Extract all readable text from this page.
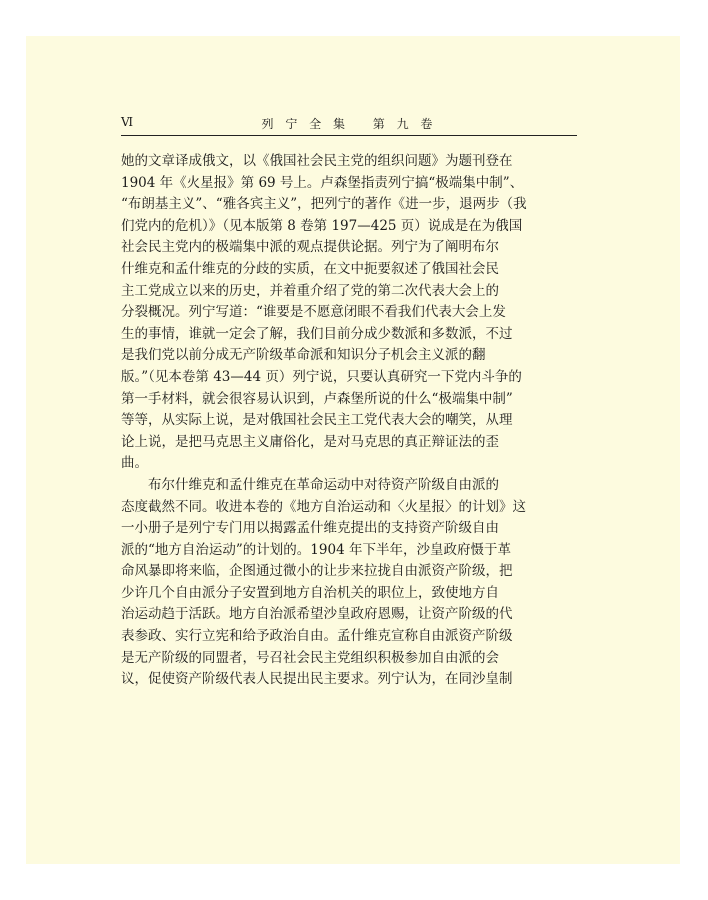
Ⅵ	列 宁 全 集　 第 九 卷
她的文章译成俄文，以《俄国社会民主党的组织问题》为题刊登在
1904 年《火星报》第 69 号上。卢森堡指责列宁搞“极端集中制”、
“布朗基主义”、“雅各宾主义”，把列宁的著作《进一步，退两步（我
们党内的危机）》（见本版第 8 卷第 197—425 页）说成是在为俄国
社会民主党内的极端集中派的观点提供论据。列宁为了阐明布尔
什维克和孟什维克的分歧的实质，在文中扼要叙述了俄国社会民
主工党成立以来的历史，并着重介绍了党的第二次代表大会上的
分裂概况。列宁写道：“谁要是不愿意闭眼不看我们代表大会上发
生的事情，谁就一定会了解，我们目前分成少数派和多数派，不过
是我们党以前分成无产阶级革命派和知识分子机会主义派的翻
版。”（见本卷第 43—44 页）列宁说，只要认真研究一下党内斗争的
第一手材料，就会很容易认识到，卢森堡所说的什么“极端集中制”
等等，从实际上说，是对俄国社会民主工党代表大会的嘲笑，从理
论上说，是把马克思主义庸俗化，是对马克思的真正辩证法的歪
曲。
布尔什维克和孟什维克在革命运动中对待资产阶级自由派的
态度截然不同。收进本卷的《地方自治运动和〈火星报〉的计划》这
一小册子是列宁专门用以揭露孟什维克提出的支持资产阶级自由
派的“地方自治运动”的计划的。1904 年下半年，沙皇政府慑于革
命风暴即将来临，企图通过微小的让步来拉拢自由派资产阶级，把
少许几个自由派分子安置到地方自治机关的职位上，致使地方自
治运动趋于活跃。地方自治派希望沙皇政府恩赐，让资产阶级的代
表参政、实行立宪和给予政治自由。孟什维克宣称自由派资产阶级
是无产阶级的同盟者，号召社会民主党组织积极参加自由派的会
议，促使资产阶级代表人民提出民主要求。列宁认为，在同沙皇制
